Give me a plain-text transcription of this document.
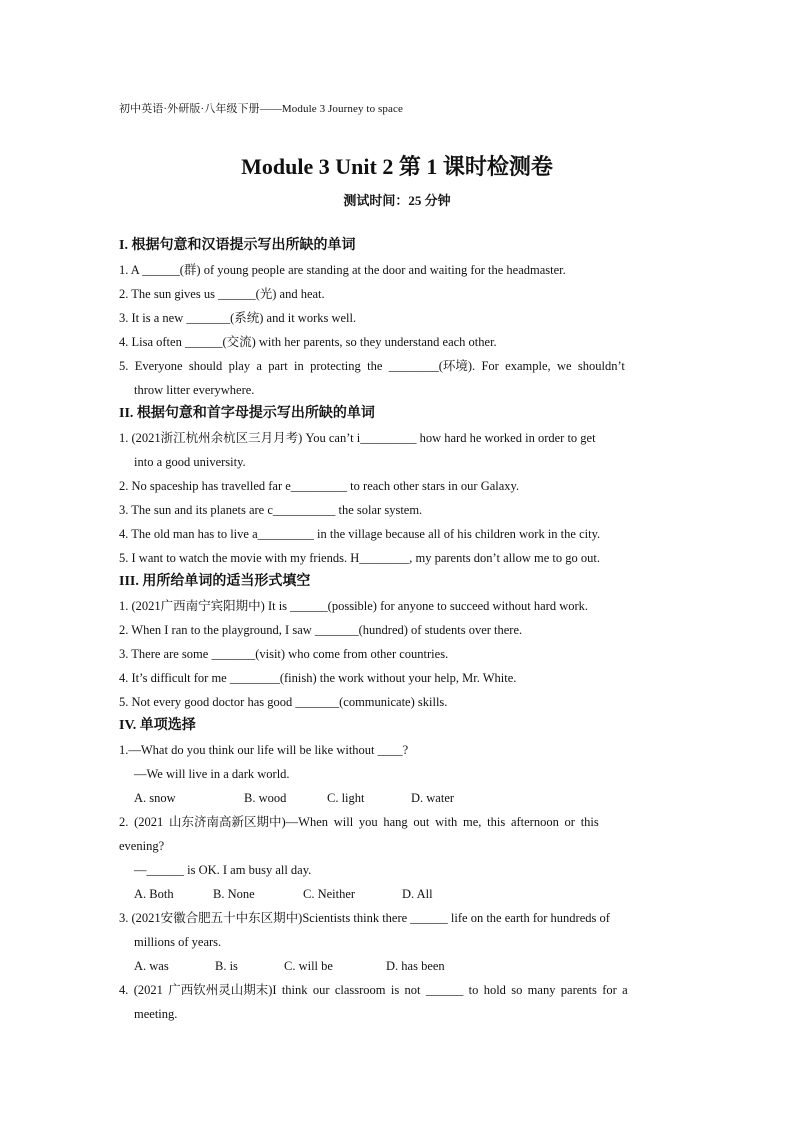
初中英语·外研版·八年级下册——Module 3 Journey to space
Module 3 Unit 2 第 1 课时检测卷
测试时间：25 分钟
I. 根据句意和汉语提示写出所缺的单词
1. A ______(群) of young people are standing at the door and waiting for the headmaster.
2. The sun gives us ______(光) and heat.
3. It is a new _______(系统) and it works well.
4. Lisa often ______(交流) with her parents, so they understand each other.
5. Everyone should play a part in protecting the ________(环境). For example, we shouldn’t
throw litter everywhere.
II. 根据句意和首字母提示写出所缺的单词
1. (2021浙江杭州余杭区三月月考) You can’t i_________ how hard he worked in order to get
into a good university.
2. No spaceship has travelled far e_________ to reach other stars in our Galaxy.
3. The sun and its planets are c__________ the solar system.
4. The old man has to live a_________ in the village because all of his children work in the city.
5. I want to watch the movie with my friends. H________, my parents don’t allow me to go out.
III. 用所给单词的适当形式填空
1. (2021广西南宁宾阳期中) It is ______(possible) for anyone to succeed without hard work.
2. When I ran to the playground, I saw _______(hundred) of students over there.
3. There are some _______(visit) who come from other countries.
4. It’s difficult for me ________(finish) the work without your help, Mr. White.
5. Not every good doctor has good _______(communicate) skills.
IV. 单项选择
1.—What do you think our life will be like without ____?
—We will live in a dark world.
A. snow	B. wood	C. light	D. water
2. (2021 山东济南高新区期中)—When will you hang out with me, this afternoon or this
evening?
—______ is OK. I am busy all day.
A. Both	B. None	C. Neither	D. All
3. (2021安徽合肥五十中东区期中)Scientists think there ______ life on the earth for hundreds of
millions of years.
A. was	B. is	C. will be	D. has been
4. (2021 广西钦州灵山期末)I think our classroom is not ______ to hold so many parents for a
meeting.
